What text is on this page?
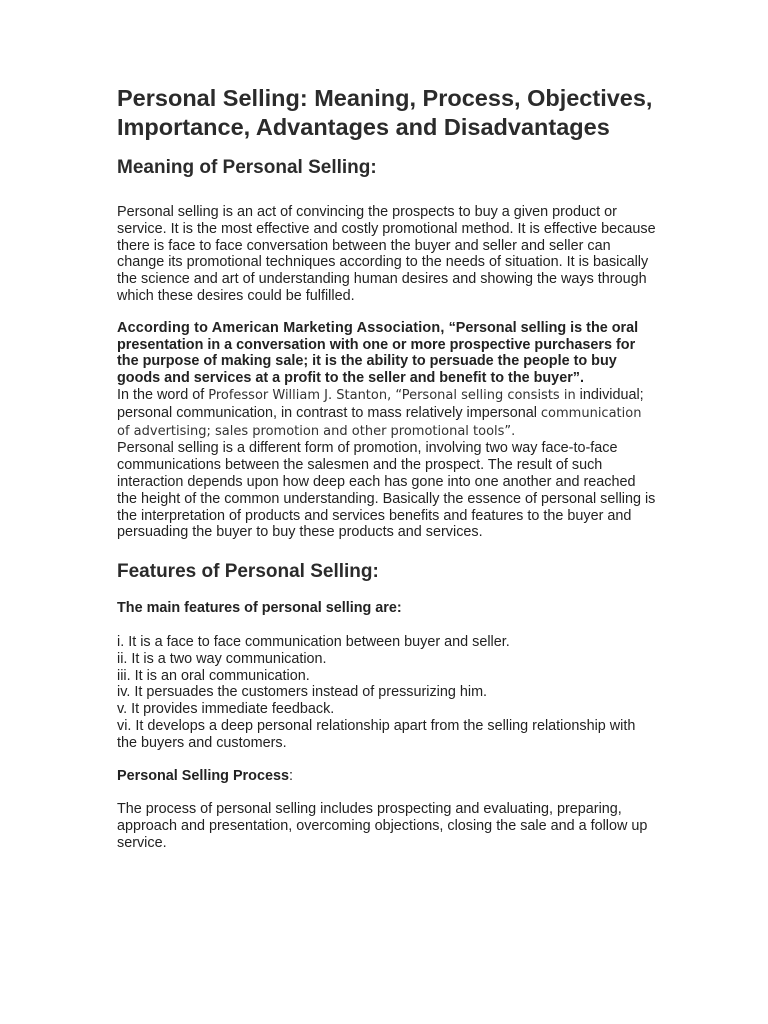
Personal Selling: Meaning, Process, Objectives, Importance, Advantages and Disadvantages
Meaning of Personal Selling:

Personal selling is an act of convincing the prospects to buy a given product or service. It is the most effective and costly promotional method. It is effective because there is face to face conversation between the buyer and seller and seller can change its promotional techniques according to the needs of situation. It is basically the science and art of understanding human desires and showing the ways through which these desires could be fulfilled.

According to American Marketing Association, “Personal selling is the oral presentation in a conversation with one or more prospective purchasers for the purpose of making sale; it is the ability to persuade the people to buy goods and services at a profit to the seller and benefit to the buyer”.

In the word of Professor William J. Stanton, “Personal selling consists in individual; personal communication, in contrast to mass relatively impersonal communication of advertising; sales promotion and other promotional tools”.

Personal selling is a different form of promotion, involving two way face-to-face communications between the salesmen and the prospect. The result of such interaction depends upon how deep each has gone into one another and reached the height of the common understanding. Basically the essence of personal selling is the interpretation of products and services benefits and features to the buyer and persuading the buyer to buy these products and services.

Features of Personal Selling:

The main features of personal selling are:

i. It is a face to face communication between buyer and seller.

ii. It is a two way communication.

iii. It is an oral communication.

iv. It persuades the customers instead of pressurizing him.

v. It provides immediate feedback.

vi. It develops a deep personal relationship apart from the selling relationship with the buyers and customers.

Personal Selling Process:

The process of personal selling includes prospecting and evaluating, preparing, approach and presentation, overcoming objections, closing the sale and a follow up service.
